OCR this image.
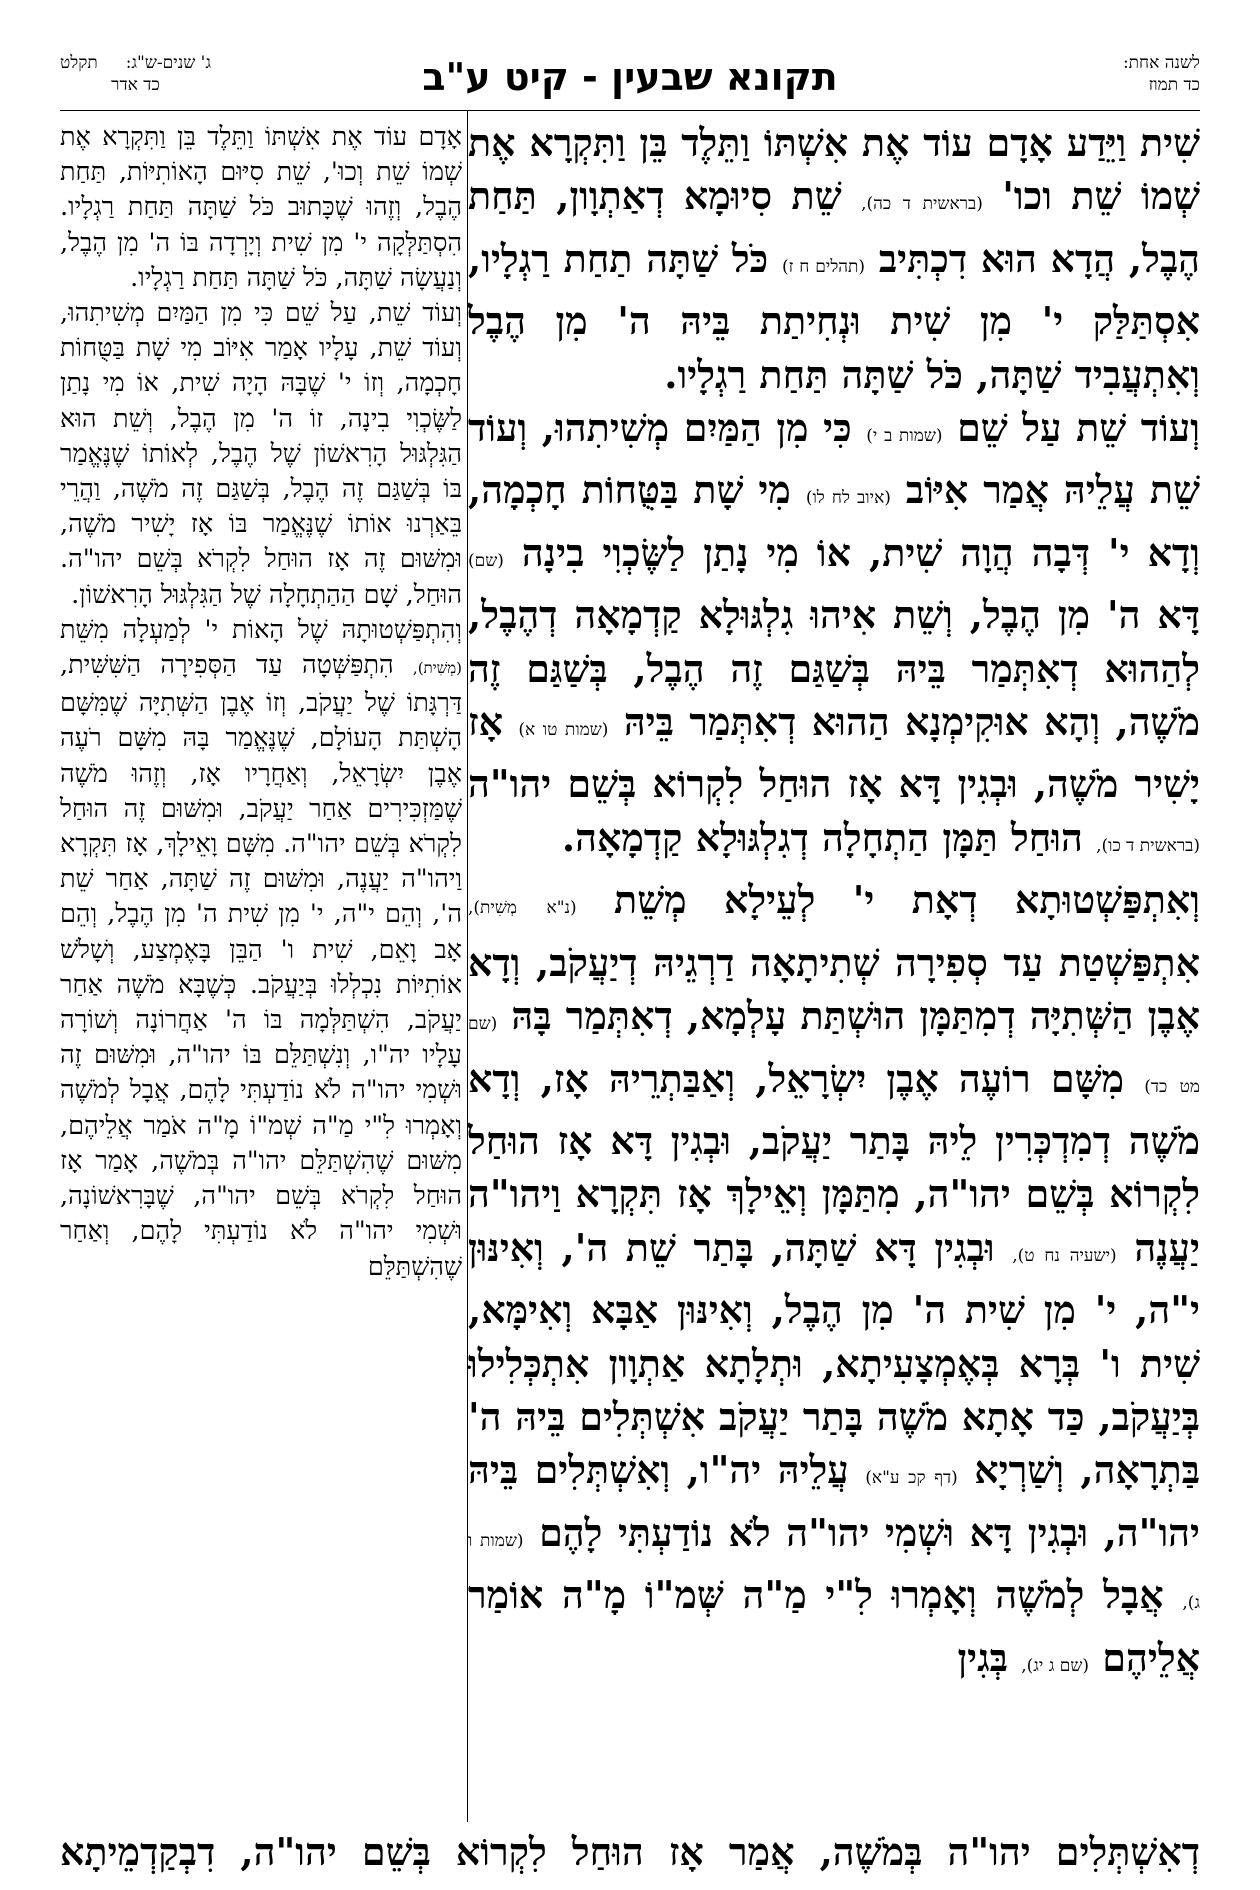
לשנה אחת:
כד תמוז
תקונא שבעין - קיט ע"ב
ג' שנים-ש"ג:
תקלט
כד אדר

שִׁית וַיֵּדַע אָדָם עוֹד אֶת אִשְׁתּוֹ וַתֵּלֶד בֵּן וַתִּקְרָא אֶת שְׁמוֹ שֵׁת וכו' (בראשית ד כה), שֵׁת סִיוּמָא דְאַתְוָון, תַּחַת הֶבֶל, הֲדָא הוּא דִכְתִּיב (תהלים ח ז) כֹּל שַׁתָּה תַחַת רַגְלָיו, אִסְתַּלַּק י' מִן שִׁית וּנְחִיתַת בֵּיהּ ה' מִן הֶבֶל וְאִתְעֲבִיד שַׁתָּה, כֹּל שַׁתָּה תַּחַת רַגְלָיו.

וְעוֹד שֵׁת עַל שֵׁם (שמות ב י) כִּי מִן הַמַּיִם מְשִׁיתִהוּ, וְעוֹד שֵׁת עֲלֵיהּ אֲמַר אִיּוֹב (איוב לח לו) מִי שָׁת בַּטֻּחוֹת חָכְמָה, וְדָא י' דְּבָה הֲוָה שִׁית, אוֹ מִי נָתַן לַשֶּׂכְוִי בִינָה (שם) דָּא ה' מִן הֶבֶל, וְשֵׁת אִיהוּ גִלְגּוּלָא קַדְמָאָה דְהֶבֶל, לְהַהוּא דְאִתְּמַר בֵּיהּ בְּשַׁגַּם זֶה הֶבֶל, בְּשַׁגַּם זֶה מֹשֶׁה, וְהָא אוּקִימְנָא הַהוּא דְאִתְּמַר בֵּיהּ (שמות טו א) אָז יָשִׁיר מֹשֶׁה, וּבְגִין דָּא אָז הוּחַל לִקְרוֹא בְּשֵׁם יהו"ה (בראשית ד כו), הוּחַל תַּמָּן הַתְחָלָה דְגִלְגּוּלָא קַדְמָאָה.

וְאִתְפַּשְׁטוּתָא דְאָת י' לְעֵילָא מְשֵׁת (נ"א מְשִׁית), אִתְפַּשְׁטַת עַד סְפִירָה שְׁתִיתָאָה דַרְגֵיהּ דְיַעֲקֹב, וְדָא אֶבֶן הַשְּׁתִיָּה דְמִתַּמָּן הוּשְׁתַּת עָלְמָא, דְאִתְּמַר בָּהּ (שם מט כד) מִשָּׁם רוֹעֶה אֶבֶן יִשְׂרָאֵל, וְאַבַּתְרֵיהּ אָז, וְדָא מֹשֶׁה דְמִדְכְּרִין לֵיהּ בָּתַר יַעֲקֹב, וּבְגִין דָּא אָז הוּחַל לִקְרוֹא בְּשֵׁם יהו"ה, מִתַּמָּן וְאֵילָךְ אָז תִּקְרָא וַיהו"ה יַעֲנֶה (ישעיה נח ט), וּבְגִין דָּא שַׁתָּה, בָּתַר שֵׁת ה', וְאִינּוּן י"ה, י' מִן שִׁית ה' מִן הֶבֶל, וְאִינּוּן אַבָּא וְאִימָּא, שִׁית ו' בְּרָא בְּאֶמְצָעִיתָא, וּתְלָתָא אַתְוָון אִתְכְּלִילוּ בְּיַעֲקֹב, כַּד אָתָא מֹשֶׁה בָּתַר יַעֲקֹב אִשְׁתְּלִים בֵּיהּ ה' בַּתְרָאָה, וְשַׁרְיָא (דף קכ ע"א) עֲלֵיהּ יה"ו, וְאִשְׁתְּלִים בֵּיהּ יהו"ה, וּבְגִין דָּא וּשְׁמִי יהו"ה לֹא נוֹדַעְתִּי לָהֶם (שמות ו ג), אֲבָל לְמֹשֶׁה וְאָמְרוּ לִ"י מַ"ה שְּׁמ"וֹ מָ"ה אוֹמַר אֲלֵיהֶם (שם ג יג), בְּגִין

אָדָם עוֹד אֶת אִשְׁתּוֹ וַתֵּלֶד בֵּן וַתִּקְרָא אֶת שְׁמוֹ שֵׁת וְכוּ', שֵׁת סִיּוּם הָאוֹתִיּוֹת, תַּחַת הֶבֶל, וְזֶהוּ שֶׁכָּתוּב כֹּל שַׁתָּה תַּחַת רַגְלָיו. הִסְתַּלְּקָה י' מִן שִׁית וְיָרְדָה בּוֹ ה' מִן הֶבֶל, וְנַעֲשָׂה שַׁתָּה, כֹּל שַׁתָּה תַּחַת רַגְלָיו.

וְעוֹד שֵׁת, עַל שֵׁם כִּי מִן הַמַּיִם מְשִׁיתִהוּ, וְעוֹד שֵׁת, עָלָיו אָמַר אִיּוֹב מִי שָׁת בַּטֻּחוֹת חָכְמָה, וְזוֹ י' שֶׁבָּהּ הָיָה שִׁית, אוֹ מִי נָתַן לַשֶּׂכְוִי בִינָה, זוֹ ה' מִן הֶבֶל, וְשֵׁת הוּא הַגִּלְגּוּל הָרִאשׁוֹן שֶׁל הֶבֶל, לְאוֹתוֹ שֶׁנֶּאֱמַר בּוֹ בְּשַׁגַּם זֶה הֶבֶל, בְּשַׁגַּם זֶה מֹשֶׁה, וַהֲרֵי בֵּאַרְנוּ אוֹתוֹ שֶׁנֶּאֱמַר בּוֹ אָז יָשִׁיר מֹשֶׁה, וּמִשּׁוּם זֶה אָז הוּחַל לִקְרֹא בְּשֵׁם יהו"ה. הוּחַל, שָׁם הַהַתְחָלָה שֶׁל הַגִּלְגּוּל הָרִאשׁוֹן.

וְהִתְפַּשְׁטוּתָהּ שֶׁל הָאוֹת י' לְמַעְלָה מִשֵּׁת (מְשִׁית), הִתְפַּשְּׁטָה עַד הַסְּפִירָה הַשִּׁשִּׁית, דַּרְגָּתוֹ שֶׁל יַעֲקֹב, וְזוֹ אֶבֶן הַשְּׁתִיָּה שֶׁמִּשָּׁם הָשְׁתַּת הָעוֹלָם, שֶׁנֶּאֱמַר בָּהּ מִשָּׁם רֹעֶה אֶבֶן יִשְׂרָאֵל, וְאַחֲרָיו אָז, וְזֶהוּ מֹשֶׁה שֶׁמַּזְכִּירִים אַחַר יַעֲקֹב, וּמִשּׁוּם זֶה הוּחַל לִקְרֹא בְּשֵׁם יהו"ה. מִשָּׁם וָאֵילָךְ, אָז תִּקְרָא וַיהו"ה יַעֲנֶה, וּמִשּׁוּם זֶה שַׁתָּה, אַחַר שֵׁת ה', וְהֵם י"ה, י' מִן שִׁית ה' מִן הֶבֶל, וְהֵם אָב וָאֵם, שִׁית ו' הַבֵּן בָּאֶמְצַע, וְשָׁלֹשׁ אוֹתִיּוֹת נִכְלְלוּ בְּיַעֲקֹב. כְּשֶׁבָּא מֹשֶׁה אַחַר יַעֲקֹב, הִשְׁתַּלְּמָה בּוֹ ה' אַחֲרוֹנָה וְשׁוֹרָה עָלָיו יה"ו, וְנִשְׁתַּלֵּם בּוֹ יהו"ה, וּמִשּׁוּם זֶה וּשְׁמִי יהו"ה לֹא נוֹדַעְתִּי לָהֶם, אֲבָל לְמֹשֶׁה וְאָמְרוּ לִ"י מַ"ה שְׁמ"וֹ מָ"ה אֹמַר אֲלֵיהֶם, מִשּׁוּם שֶׁהִשְׁתַּלֵּם יהו"ה בְּמֹשֶׁה, אָמַר אָז הוּחַל לִקְרֹא בְּשֵׁם יהו"ה, שֶׁבָּרִאשׁוֹנָה, וּשְׁמִי יהו"ה לֹא נוֹדַעְתִּי לָהֶם, וְאַחַר שֶׁהִשְׁתַּלֵּם

דְאִשְׁתְּלִים יהו"ה בְּמֹשֶׁה, אֲמַר אָז הוּחַל לִקְרוֹא בְּשֵׁם יהו"ה, דִבְקַדְמֵיתָא
